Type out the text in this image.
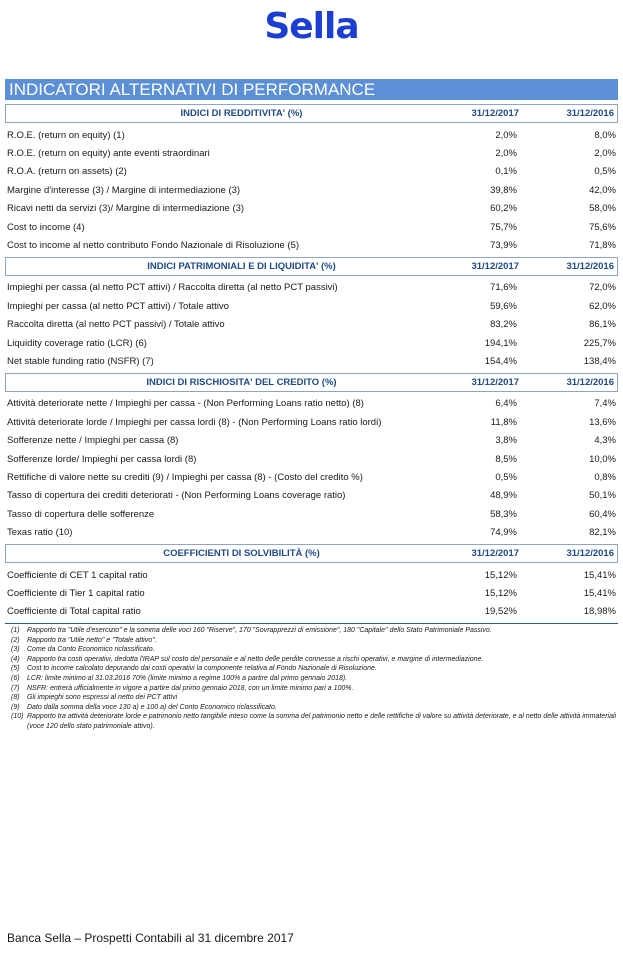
Sella
INDICATORI ALTERNATIVI DI PERFORMANCE
INDICI DI REDDITIVITA' (%)	31/12/2017	31/12/2016
R.O.E. (return on equity) (1)	2,0%	8,0%
R.O.E. (return on equity) ante eventi straordinari	2,0%	2,0%
R.O.A. (return on assets) (2)	0,1%	0,5%
Margine d'interesse (3) / Margine di intermediazione (3)	39,8%	42,0%
Ricavi netti da servizi (3)/ Margine di intermediazione (3)	60,2%	58,0%
Cost to income (4)	75,7%	75,6%
Cost to income al netto contributo Fondo Nazionale di Risoluzione (5)	73,9%	71,8%
INDICI PATRIMONIALI E DI LIQUIDITA' (%)	31/12/2017	31/12/2016
Impieghi per cassa (al netto PCT attivi) / Raccolta diretta (al netto PCT passivi)	71,6%	72,0%
Impieghi per cassa (al netto PCT attivi) / Totale attivo	59,6%	62,0%
Raccolta diretta (al netto PCT passivi) / Totale attivo	83,2%	86,1%
Liquidity coverage ratio (LCR) (6)	194,1%	225,7%
Net stable funding ratio (NSFR) (7)	154,4%	138,4%
INDICI DI RISCHIOSITA' DEL CREDITO (%)	31/12/2017	31/12/2016
Attività deteriorate nette / Impieghi per cassa - (Non Performing Loans ratio netto) (8)	6,4%	7,4%
Attività deteriorate lorde / Impieghi per cassa lordi (8) - (Non Performing Loans ratio lordi)	11,8%	13,6%
Sofferenze nette / Impieghi per cassa (8)	3,8%	4,3%
Sofferenze lorde/ Impieghi per cassa lordi (8)	8,5%	10,0%
Rettifiche di valore nette su crediti (9) / Impieghi per cassa (8) - (Costo del credito %)	0,5%	0,8%
Tasso di copertura dei crediti deteriorati - (Non Performing Loans coverage ratio)	48,9%	50,1%
Tasso di copertura delle sofferenze	58,3%	60,4%
Texas ratio (10)	74,9%	82,1%
COEFFICIENTI DI SOLVIBILITÀ (%)	31/12/2017	31/12/2016
Coefficiente di CET 1 capital ratio	15,12%	15,41%
Coefficiente di Tier 1 capital ratio	15,12%	15,41%
Coefficiente di Total capital ratio	19,52%	18,98%
(1)	Rapporto tra "Utile d'esercizio" e la somma delle voci 160 "Riserve", 170 "Sovrapprezzi di emissione", 180 "Capitale" dello Stato Patrimoniale Passivo.
(2)	Rapporto tra "Utile netto" e "Totale attivo".
(3)	Come da Conto Economico riclassificato.
(4)	Rapporto tra costi operativi, dedotta l'IRAP sul costo del personale e al netto delle perdite connesse a rischi operativi, e margine di intermediazione.
(5)	Cost to income calcolato depurando dai costi operativi la componente relativa al Fondo Nazionale di Risoluzione.
(6)	LCR: limite minimo al 31.03.2016 70% (limite minimo a regime 100% a partire dal primo gennaio 2018).
(7)	NSFR: entrerà ufficialmente in vigore a partire dal primo gennaio 2018, con un limite minimo pari a 100%.
(8)	Gli impieghi sono espressi al netto dei PCT attivi
(9)	Dato dalla somma della voce 130 a) e 100 a) del Conto Economico riclassificato.
(10) Rapporto tra attività deteriorate lorde e patrimonio netto tangibile inteso come la somma del patrimonio netto e delle rettifiche di valore su attività deteriorate, e al netto delle attività immateriali (voce 120 dello stato patrimoniale attivo).
Banca Sella – Prospetti Contabili al 31 dicembre 2017
